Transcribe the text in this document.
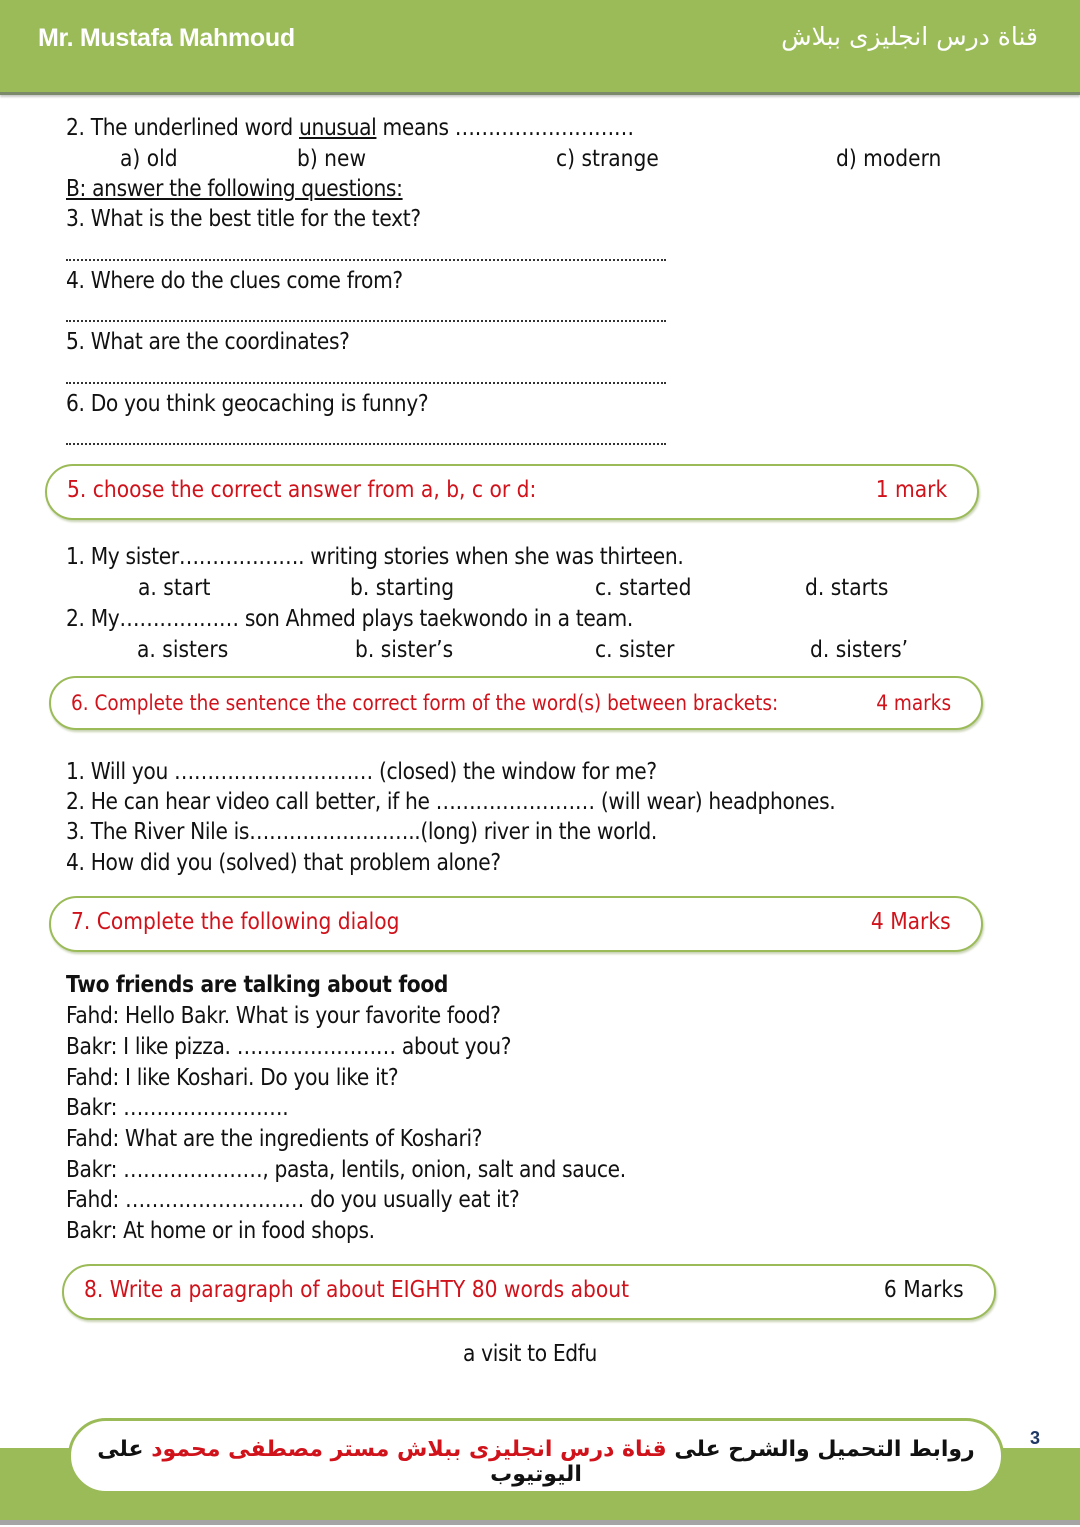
Mr. Mustafa Mahmoud	قناة درس انجليزى ببلاش
2. The underlined word unusual means ………………………
a) old	b) new	c) strange	d) modern
B: answer the following questions:
3. What is the best title for the text?
4. Where do the clues come from?
5. What are the coordinates?
6. Do you think geocaching is funny?
5. choose the correct answer from a, b, c or d:	1 mark
1. My sister………………. writing stories when she was thirteen.
a. start	b. starting	c. started	d. starts
2. My……………… son Ahmed plays taekwondo in a team.
a. sisters	b. sister’s	c. sister	d. sisters’
6. Complete the sentence the correct form of the word(s) between brackets:	4 marks
1. Will you ………………………… (closed) the window for me?
2. He can hear video call better, if he …………………… (will wear) headphones.
3. The River Nile is……………………..(long) river in the world.
4. How did you (solved) that problem alone?
7. Complete the following dialog	4 Marks
Two friends are talking about food
Fahd: Hello Bakr. What is your favorite food?
Bakr: I like pizza. …………………… about you?
Fahd: I like Koshari. Do you like it?
Bakr: …………………….
Fahd: What are the ingredients of Koshari?
Bakr: …………………, pasta, lentils, onion, salt and sauce.
Fahd: ……………………… do you usually eat it?
Bakr: At home or in food shops.
8. Write a paragraph of about EIGHTY 80 words about	6 Marks
a visit to Edfu
روابط التحميل والشرح على قناة درس انجليزى ببلاش مستر مصطفى محمود على اليوتيوب
3
